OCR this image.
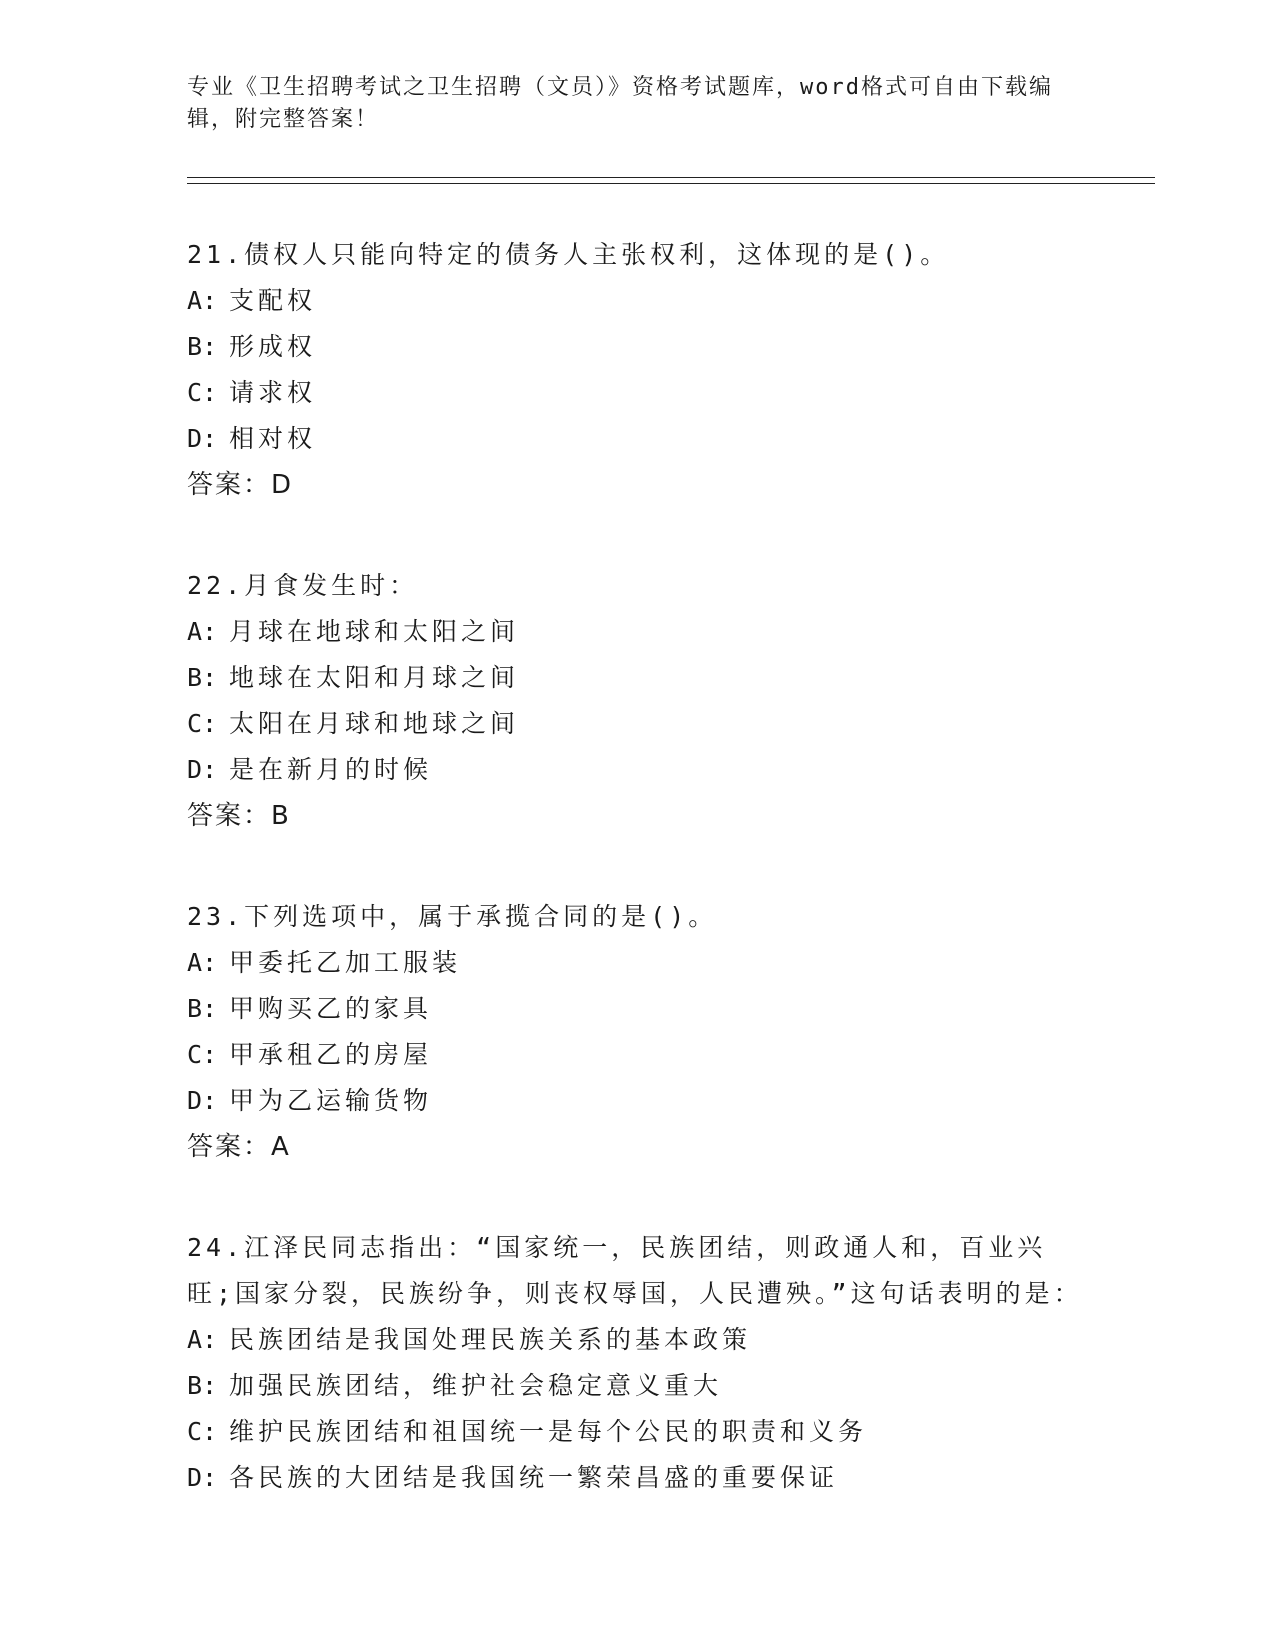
专业《卫生招聘考试之卫生招聘（文员）》资格考试题库，word格式可自由下载编辑，附完整答案！

21.债权人只能向特定的债务人主张权利，这体现的是()。

A: 支配权

B: 形成权

C: 请求权

D: 相对权

答案：D

22.月食发生时：

A: 月球在地球和太阳之间

B: 地球在太阳和月球之间

C: 太阳在月球和地球之间

D: 是在新月的时候

答案：B

23.下列选项中，属于承揽合同的是()。

A: 甲委托乙加工服装

B: 甲购买乙的家具

C: 甲承租乙的房屋

D: 甲为乙运输货物

答案：A

24.江泽民同志指出：“国家统一，民族团结，则政通人和，百业兴旺;国家分裂，民族纷争，则丧权辱国，人民遭殃。”这句话表明的是：

A: 民族团结是我国处理民族关系的基本政策

B: 加强民族团结，维护社会稳定意义重大

C: 维护民族团结和祖国统一是每个公民的职责和义务

D: 各民族的大团结是我国统一繁荣昌盛的重要保证
